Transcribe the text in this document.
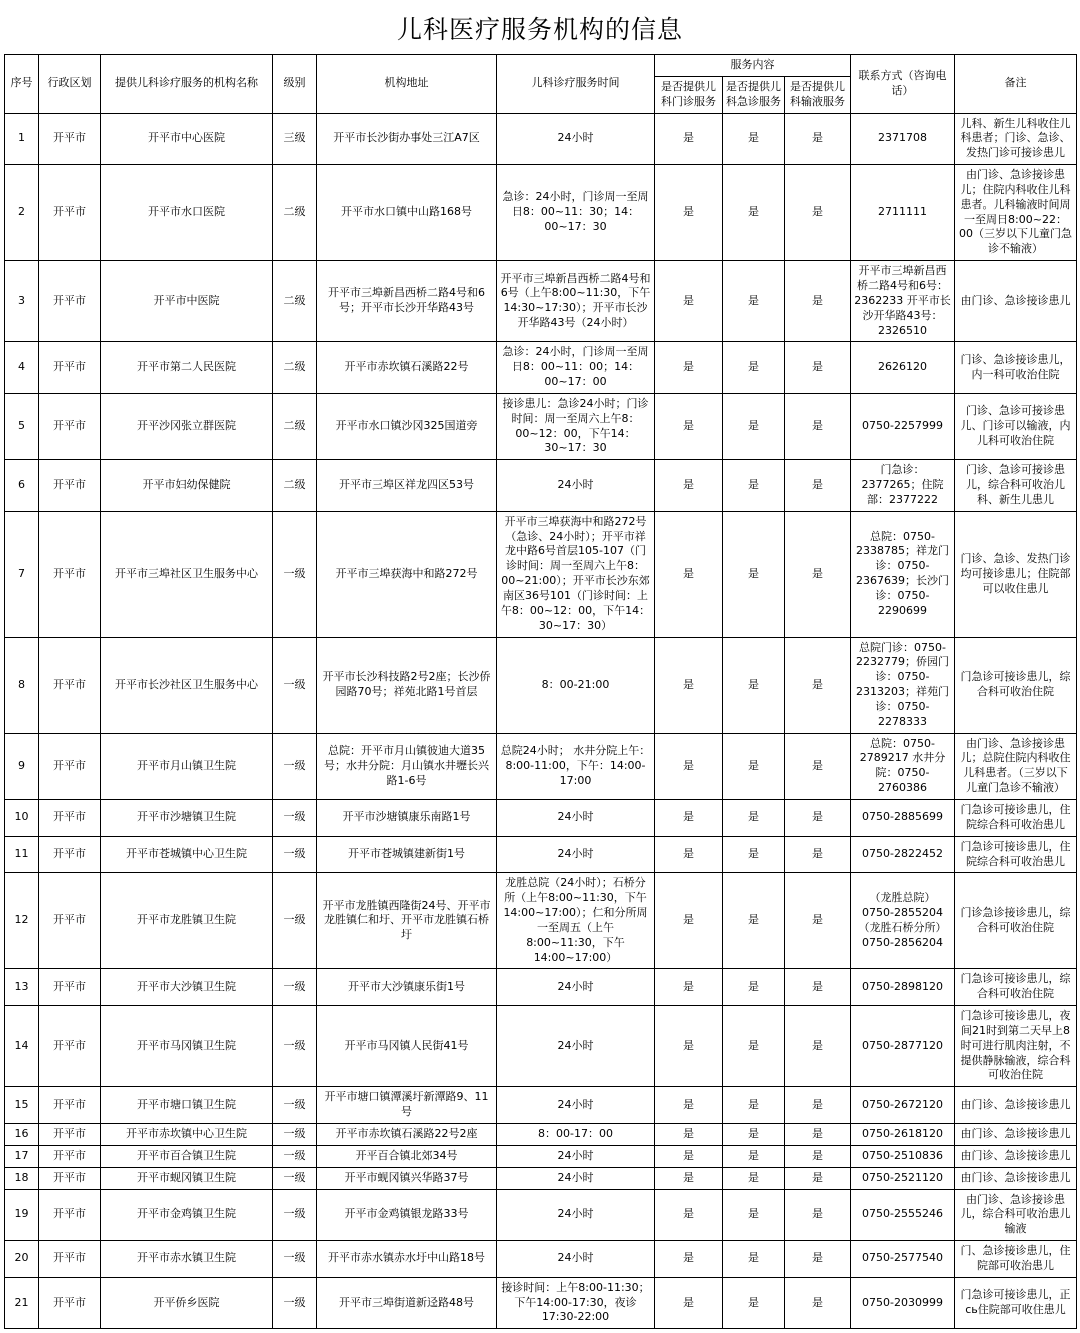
儿科医疗服务机构的信息
序号	行政区划	提供儿科诊疗服务的机构名称	级别	机构地址	儿科诊疗服务时间	服务内容			联系方式（咨询电话）	备注
						是否提供儿科门诊服务	是否提供儿科急诊服务	是否提供儿科输液服务		
1	开平市	开平市中心医院	三级	开平市长沙街办事处三江A7区	24小时	是	是	是	2371708	儿科、新生儿科收住儿科患者；门诊、急诊、发热门诊可接诊患儿
2	开平市	开平市水口医院	二级	开平市水口镇中山路168号	急诊：24小时，门诊周一至周日8：00~11：30；14：00~17：30	是	是	是	2711111	由门诊、急诊接诊患儿；住院内科收住儿科患者。儿科输液时间周一至周日8:00~22：00（三岁以下儿童门急诊不输液）
3	开平市	开平市中医院	二级	开平市三埠新昌西桥二路4号和6号；开平市长沙开华路43号	开平市三埠新昌西桥二路4号和6号（上午8:00~11:30，下午14:30~17:30）；开平市长沙开华路43号（24小时）	是	是	是	开平市三埠新昌西桥二路4号和6号：2362233 开平市长沙开华路43号：2326510	由门诊、急诊接诊患儿
4	开平市	开平市第二人民医院	二级	开平市赤坎镇石溪路22号	急诊：24小时，门诊周一至周日8：00~11：00；14：00~17：00	是	是	是	2626120	门诊、急诊接诊患儿，内一科可收治住院
5	开平市	开平沙冈张立群医院	二级	开平市水口镇沙冈325国道旁	接诊患儿：急诊24小时；门诊时间：周一至周六上午8：00~12：00，下午14：30~17：30	是	是	是	0750-2257999	门诊、急诊可接诊患儿、门诊可以输液，内儿科可收治住院
6	开平市	开平市妇幼保健院	二级	开平市三埠区祥龙四区53号	24小时	是	是	是	门急诊：2377265；住院部：2377222	门诊、急诊可接诊患儿，综合科可收治儿科、新生儿患儿
7	开平市	开平市三埠社区卫生服务中心	一级	开平市三埠获海中和路272号	开平市三埠获海中和路272号（急诊、24小时）；开平市祥龙中路6号首层105-107（门诊时间：周一至周六上午8：00~21:00）；开平市长沙东郊南区36号101（门诊时间：上午8：00~12：00，下午14：30~17：30）	是	是	是	总院：0750-2338785；祥龙门诊：0750-2367639；长沙门诊：0750-2290699	门诊、急诊、发热门诊均可接诊患儿；住院部可以收住患儿
8	开平市	开平市长沙社区卫生服务中心	一级	开平市长沙科技路2号2座；长沙侨园路70号；祥苑北路1号首层	8：00-21:00	是	是	是	总院门诊：0750-2232779；侨园门诊：0750-2313203；祥苑门诊：0750-2278333	门急诊可接诊患儿，综合科可收治住院
9	开平市	开平市月山镇卫生院	一级	总院：开平市月山镇彼迪大道35号；水井分院：月山镇水井壢长兴路1-6号	总院24小时； 水井分院上午：8:00-11:00，下午：14:00-17:00	是	是	是	总院：0750-2789217 水井分院：0750-2760386	由门诊、急诊接诊患儿；总院住院内科收住儿科患者。（三岁以下儿童门急诊不输液）
10	开平市	开平市沙塘镇卫生院	一级	开平市沙塘镇康乐南路1号	24小时	是	是	是	0750-2885699	门急诊可接诊患儿，住院综合科可收治患儿
11	开平市	开平市苍城镇中心卫生院	一级	开平市苍城镇建新街1号	24小时	是	是	是	0750-2822452	门急诊可接诊患儿，住院综合科可收治患儿
12	开平市	开平市龙胜镇卫生院	一级	开平市龙胜镇西隆街24号、开平市龙胜镇仁和圩、开平市龙胜镇石桥圩	龙胜总院（24小时）；石桥分所（上午8:00~11:30，下午14:00~17:00）；仁和分所周一至周五（上午8:00~11:30，下午14:00~17:00）	是	是	是	（龙胜总院）0750-2855204（龙胜石桥分所）0750-2856204	门诊急诊接诊患儿，综合科可收治住院
13	开平市	开平市大沙镇卫生院	一级	开平市大沙镇康乐街1号	24小时	是	是	是	0750-2898120	门急诊可接诊患儿，综合科可收治住院
14	开平市	开平市马冈镇卫生院	一级	开平市马冈镇人民街41号	24小时	是	是	是	0750-2877120	门急诊可接诊患儿，夜间21时到第二天早上8时可进行肌肉注射，不提供静脉输液，综合科可收治住院
15	开平市	开平市塘口镇卫生院	一级	开平市塘口镇潭溪圩新潭路9、11号	24小时	是	是	是	0750-2672120	由门诊、急诊接诊患儿
16	开平市	开平市赤坎镇中心卫生院	一级	开平市赤坎镇石溪路22号2座	8：00-17：00	是	是	是	0750-2618120	由门诊、急诊接诊患儿
17	开平市	开平市百合镇卫生院	一级	开平百合镇北郊34号	24小时	是	是	是	0750-2510836	由门诊、急诊接诊患儿
18	开平市	开平市蚬冈镇卫生院	一级	开平市蚬冈镇兴华路37号	24小时	是	是	是	0750-2521120	由门诊、急诊接诊患儿
19	开平市	开平市金鸡镇卫生院	一级	开平市金鸡镇银龙路33号	24小时	是	是	是	0750-2555246	由门诊、急诊接诊患儿，综合科可收治患儿输液
20	开平市	开平市赤水镇卫生院	一级	开平市赤水镇赤水圩中山路18号	24小时	是	是	是	0750-2577540	门、急诊接诊患儿，住院部可收治患儿
21	开平市	开平侨乡医院	一级	开平市三埠街道新迳路48号	接诊时间：上午8:00-11:30；下午14:00-17:30，夜诊17:30-22:00	是	是	是	0750-2030999	门急诊可接诊患儿，正сь住院部可收住患儿
